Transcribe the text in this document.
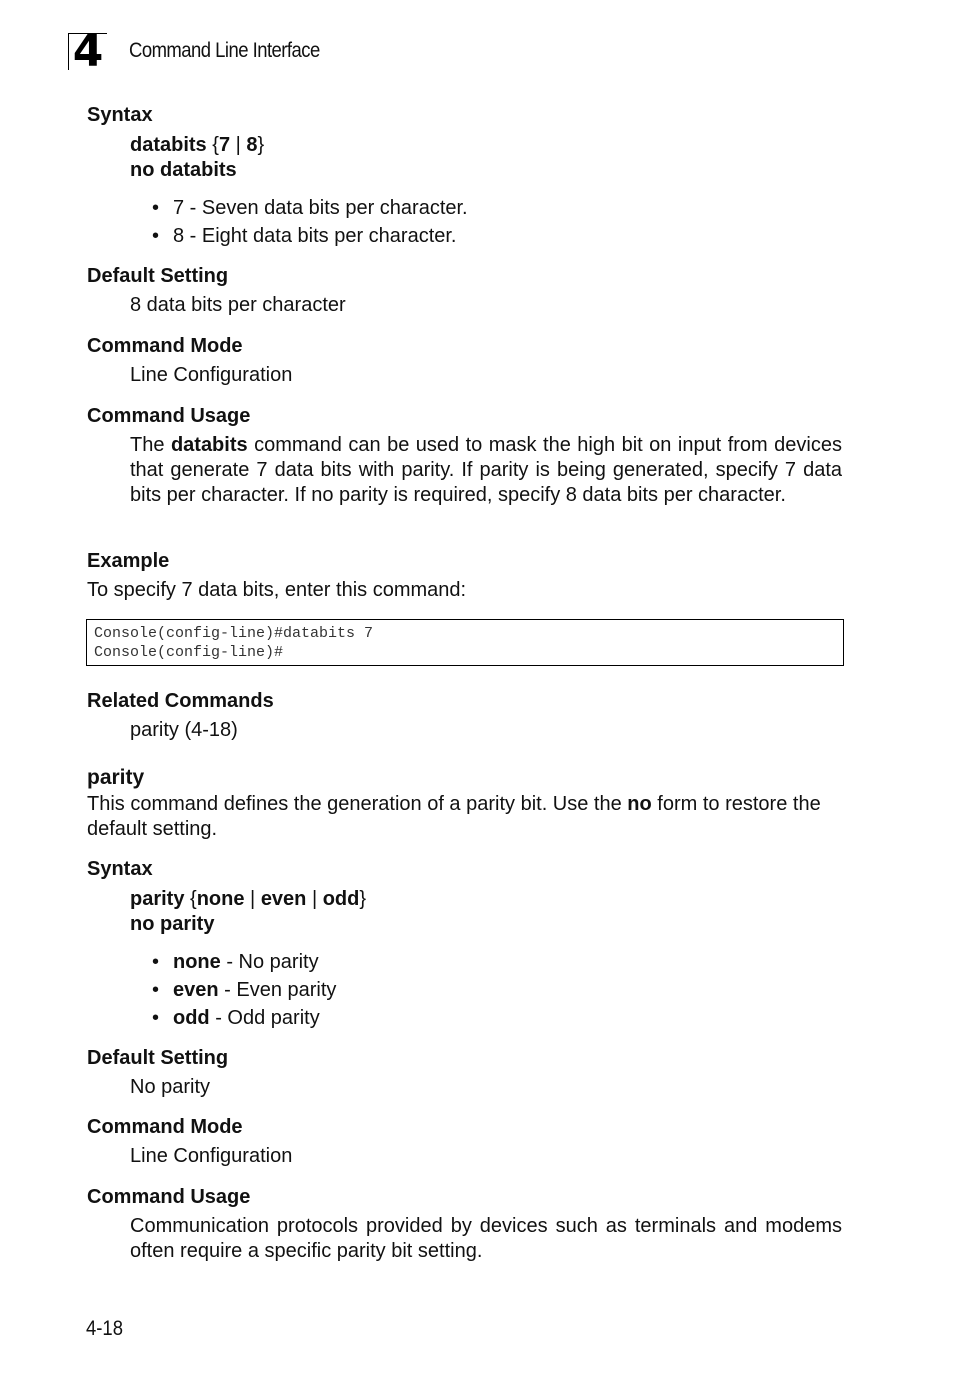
4 Command Line Interface
Syntax
databits {7 | 8}
no databits
• 7 - Seven data bits per character.
• 8 - Eight data bits per character.
Default Setting
8 data bits per character
Command Mode
Line Configuration
Command Usage
The databits command can be used to mask the high bit on input from devices that generate 7 data bits with parity. If parity is being generated, specify 7 data bits per character. If no parity is required, specify 8 data bits per character.
Example
To specify 7 data bits, enter this command:
Console(config-line)#databits 7
Console(config-line)#
Related Commands
parity (4-18)
parity
This command defines the generation of a parity bit. Use the no form to restore the default setting.
Syntax
parity {none | even | odd}
no parity
• none - No parity
• even - Even parity
• odd - Odd parity
Default Setting
No parity
Command Mode
Line Configuration
Command Usage
Communication protocols provided by devices such as terminals and modems often require a specific parity bit setting.
4-18
